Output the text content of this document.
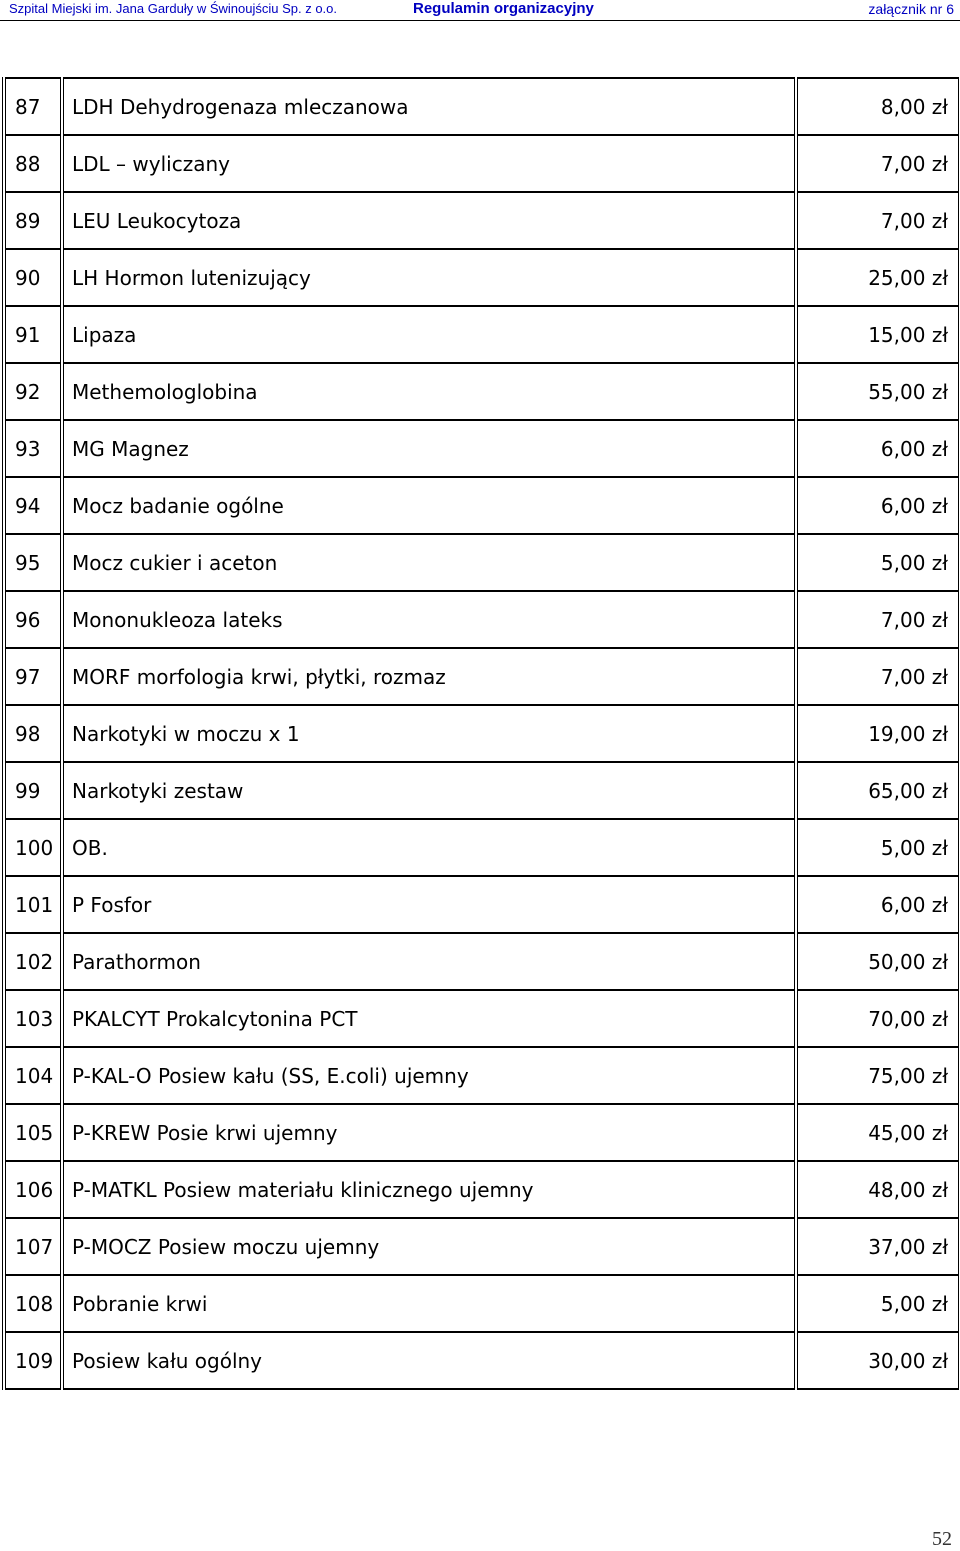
Szpital Miejski im. Jana Garduły w Świnoujściu Sp. z o.o.	Regulamin organizacyjny	załącznik nr 6
87	LDH Dehydrogenaza mleczanowa	8,00 zł
88	LDL – wyliczany	7,00 zł
89	LEU Leukocytoza	7,00 zł
90	LH Hormon lutenizujący	25,00 zł
91	Lipaza	15,00 zł
92	Methemologlobina	55,00 zł
93	MG Magnez	6,00 zł
94	Mocz badanie ogólne	6,00 zł
95	Mocz cukier i aceton	5,00 zł
96	Mononukleoza lateks	7,00 zł
97	MORF morfologia krwi, płytki, rozmaz	7,00 zł
98	Narkotyki w moczu x 1	19,00 zł
99	Narkotyki zestaw	65,00 zł
100	OB.	5,00 zł
101	P Fosfor	6,00 zł
102	Parathormon	50,00 zł
103	PKALCYT Prokalcytonina PCT	70,00 zł
104	P-KAL-O Posiew kału (SS, E.coli) ujemny	75,00 zł
105	P-KREW Posie krwi ujemny	45,00 zł
106	P-MATKL Posiew materiału klinicznego ujemny	48,00 zł
107	P-MOCZ Posiew moczu ujemny	37,00 zł
108	Pobranie krwi	5,00 zł
109	Posiew kału ogólny	30,00 zł
52
